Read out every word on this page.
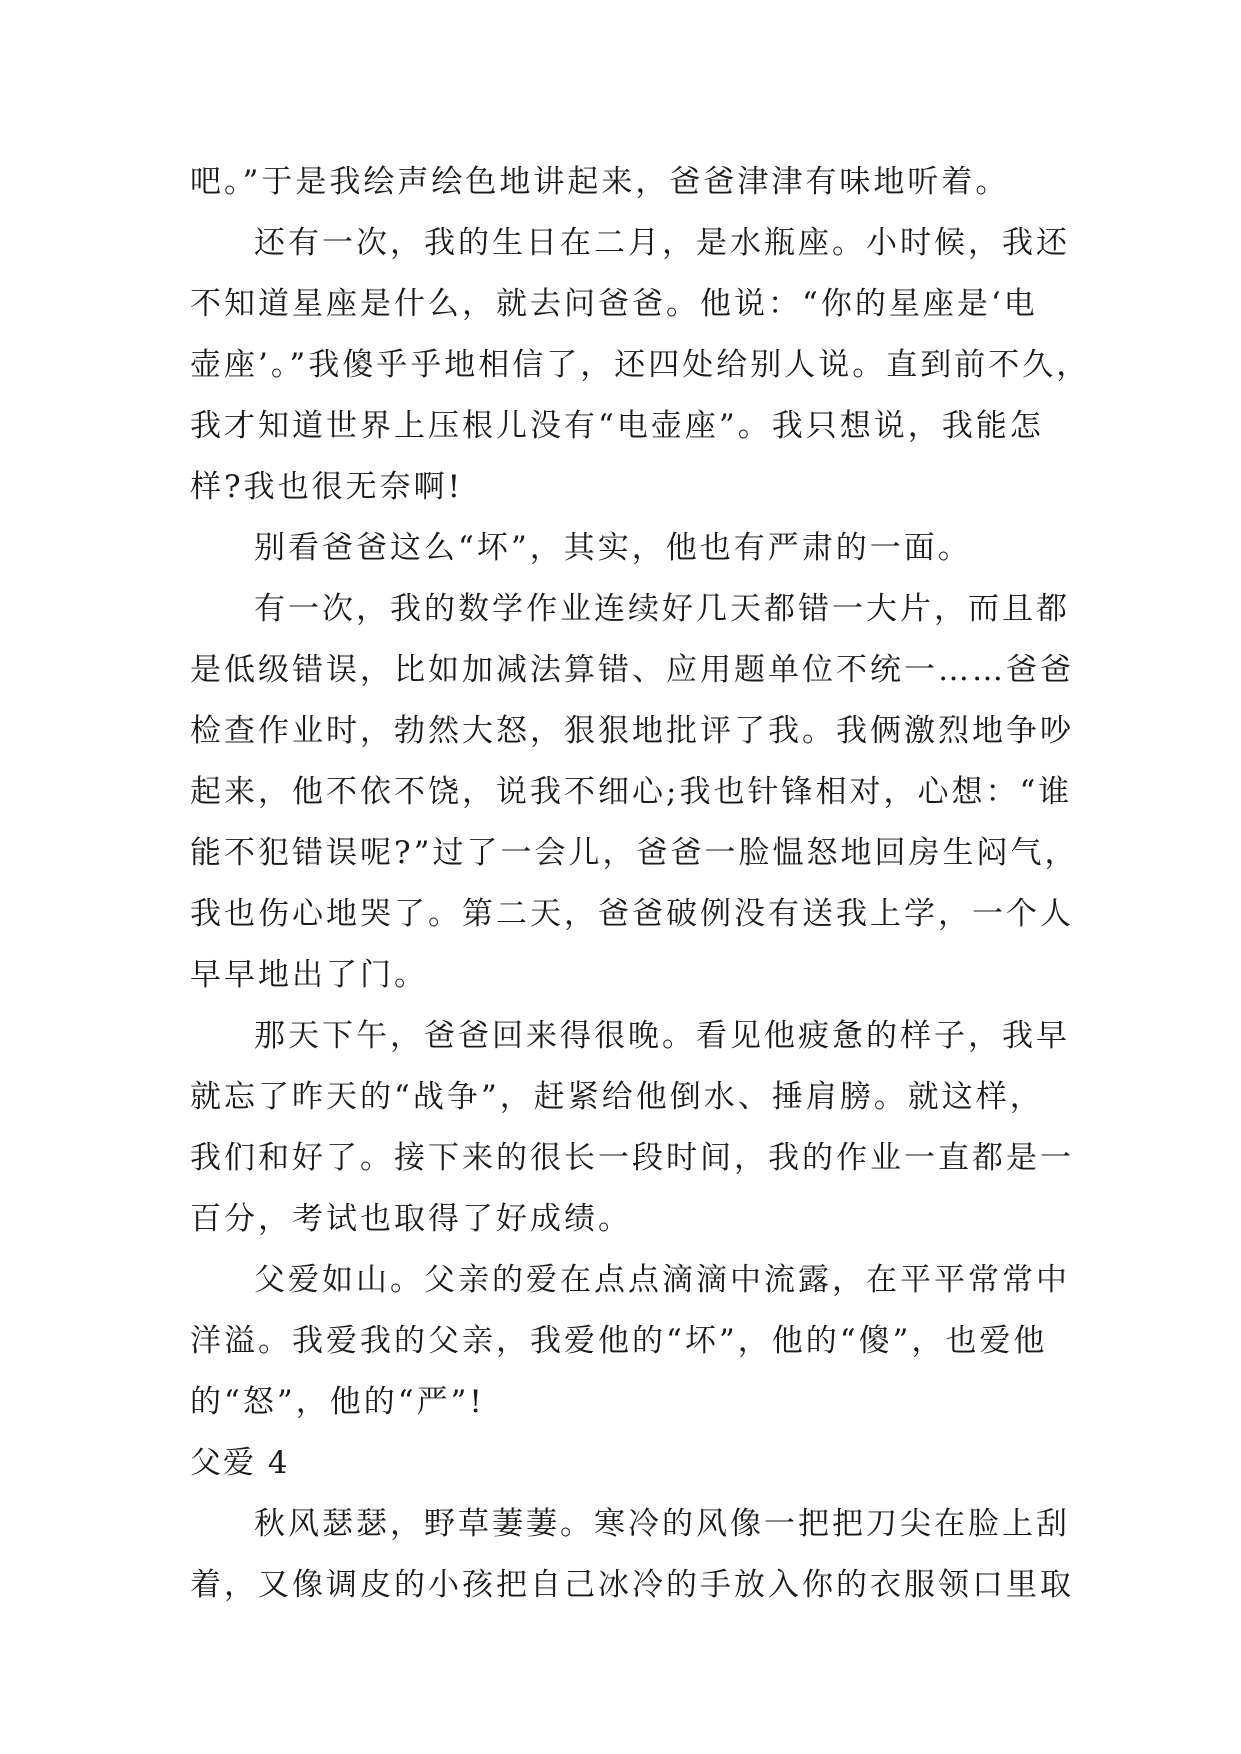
吧。”于是我绘声绘色地讲起来，爸爸津津有味地听着。
还有一次，我的生日在二月，是水瓶座。小时候，我还
不知道星座是什么，就去问爸爸。他说：“你的星座是‘电
壶座’。”我傻乎乎地相信了，还四处给别人说。直到前不久，
我才知道世界上压根儿没有“电壶座”。我只想说，我能怎
样?我也很无奈啊!
别看爸爸这么“坏”，其实，他也有严肃的一面。
有一次，我的数学作业连续好几天都错一大片，而且都
是低级错误，比如加减法算错、应用题单位不统一……爸爸
检查作业时，勃然大怒，狠狠地批评了我。我俩激烈地争吵
起来，他不依不饶，说我不细心;我也针锋相对，心想：“谁
能不犯错误呢?”过了一会儿，爸爸一脸愠怒地回房生闷气，
我也伤心地哭了。第二天，爸爸破例没有送我上学，一个人
早早地出了门。
那天下午，爸爸回来得很晚。看见他疲惫的样子，我早
就忘了昨天的“战争”，赶紧给他倒水、捶肩膀。就这样，
我们和好了。接下来的很长一段时间，我的作业一直都是一
百分，考试也取得了好成绩。
父爱如山。父亲的爱在点点滴滴中流露，在平平常常中
洋溢。我爱我的父亲，我爱他的“坏”，他的“傻”，也爱他
的“怒”，他的“严”!
父爱 4
秋风瑟瑟，野草萋萋。寒冷的风像一把把刀尖在脸上刮
着，又像调皮的小孩把自己冰冷的手放入你的衣服领口里取
